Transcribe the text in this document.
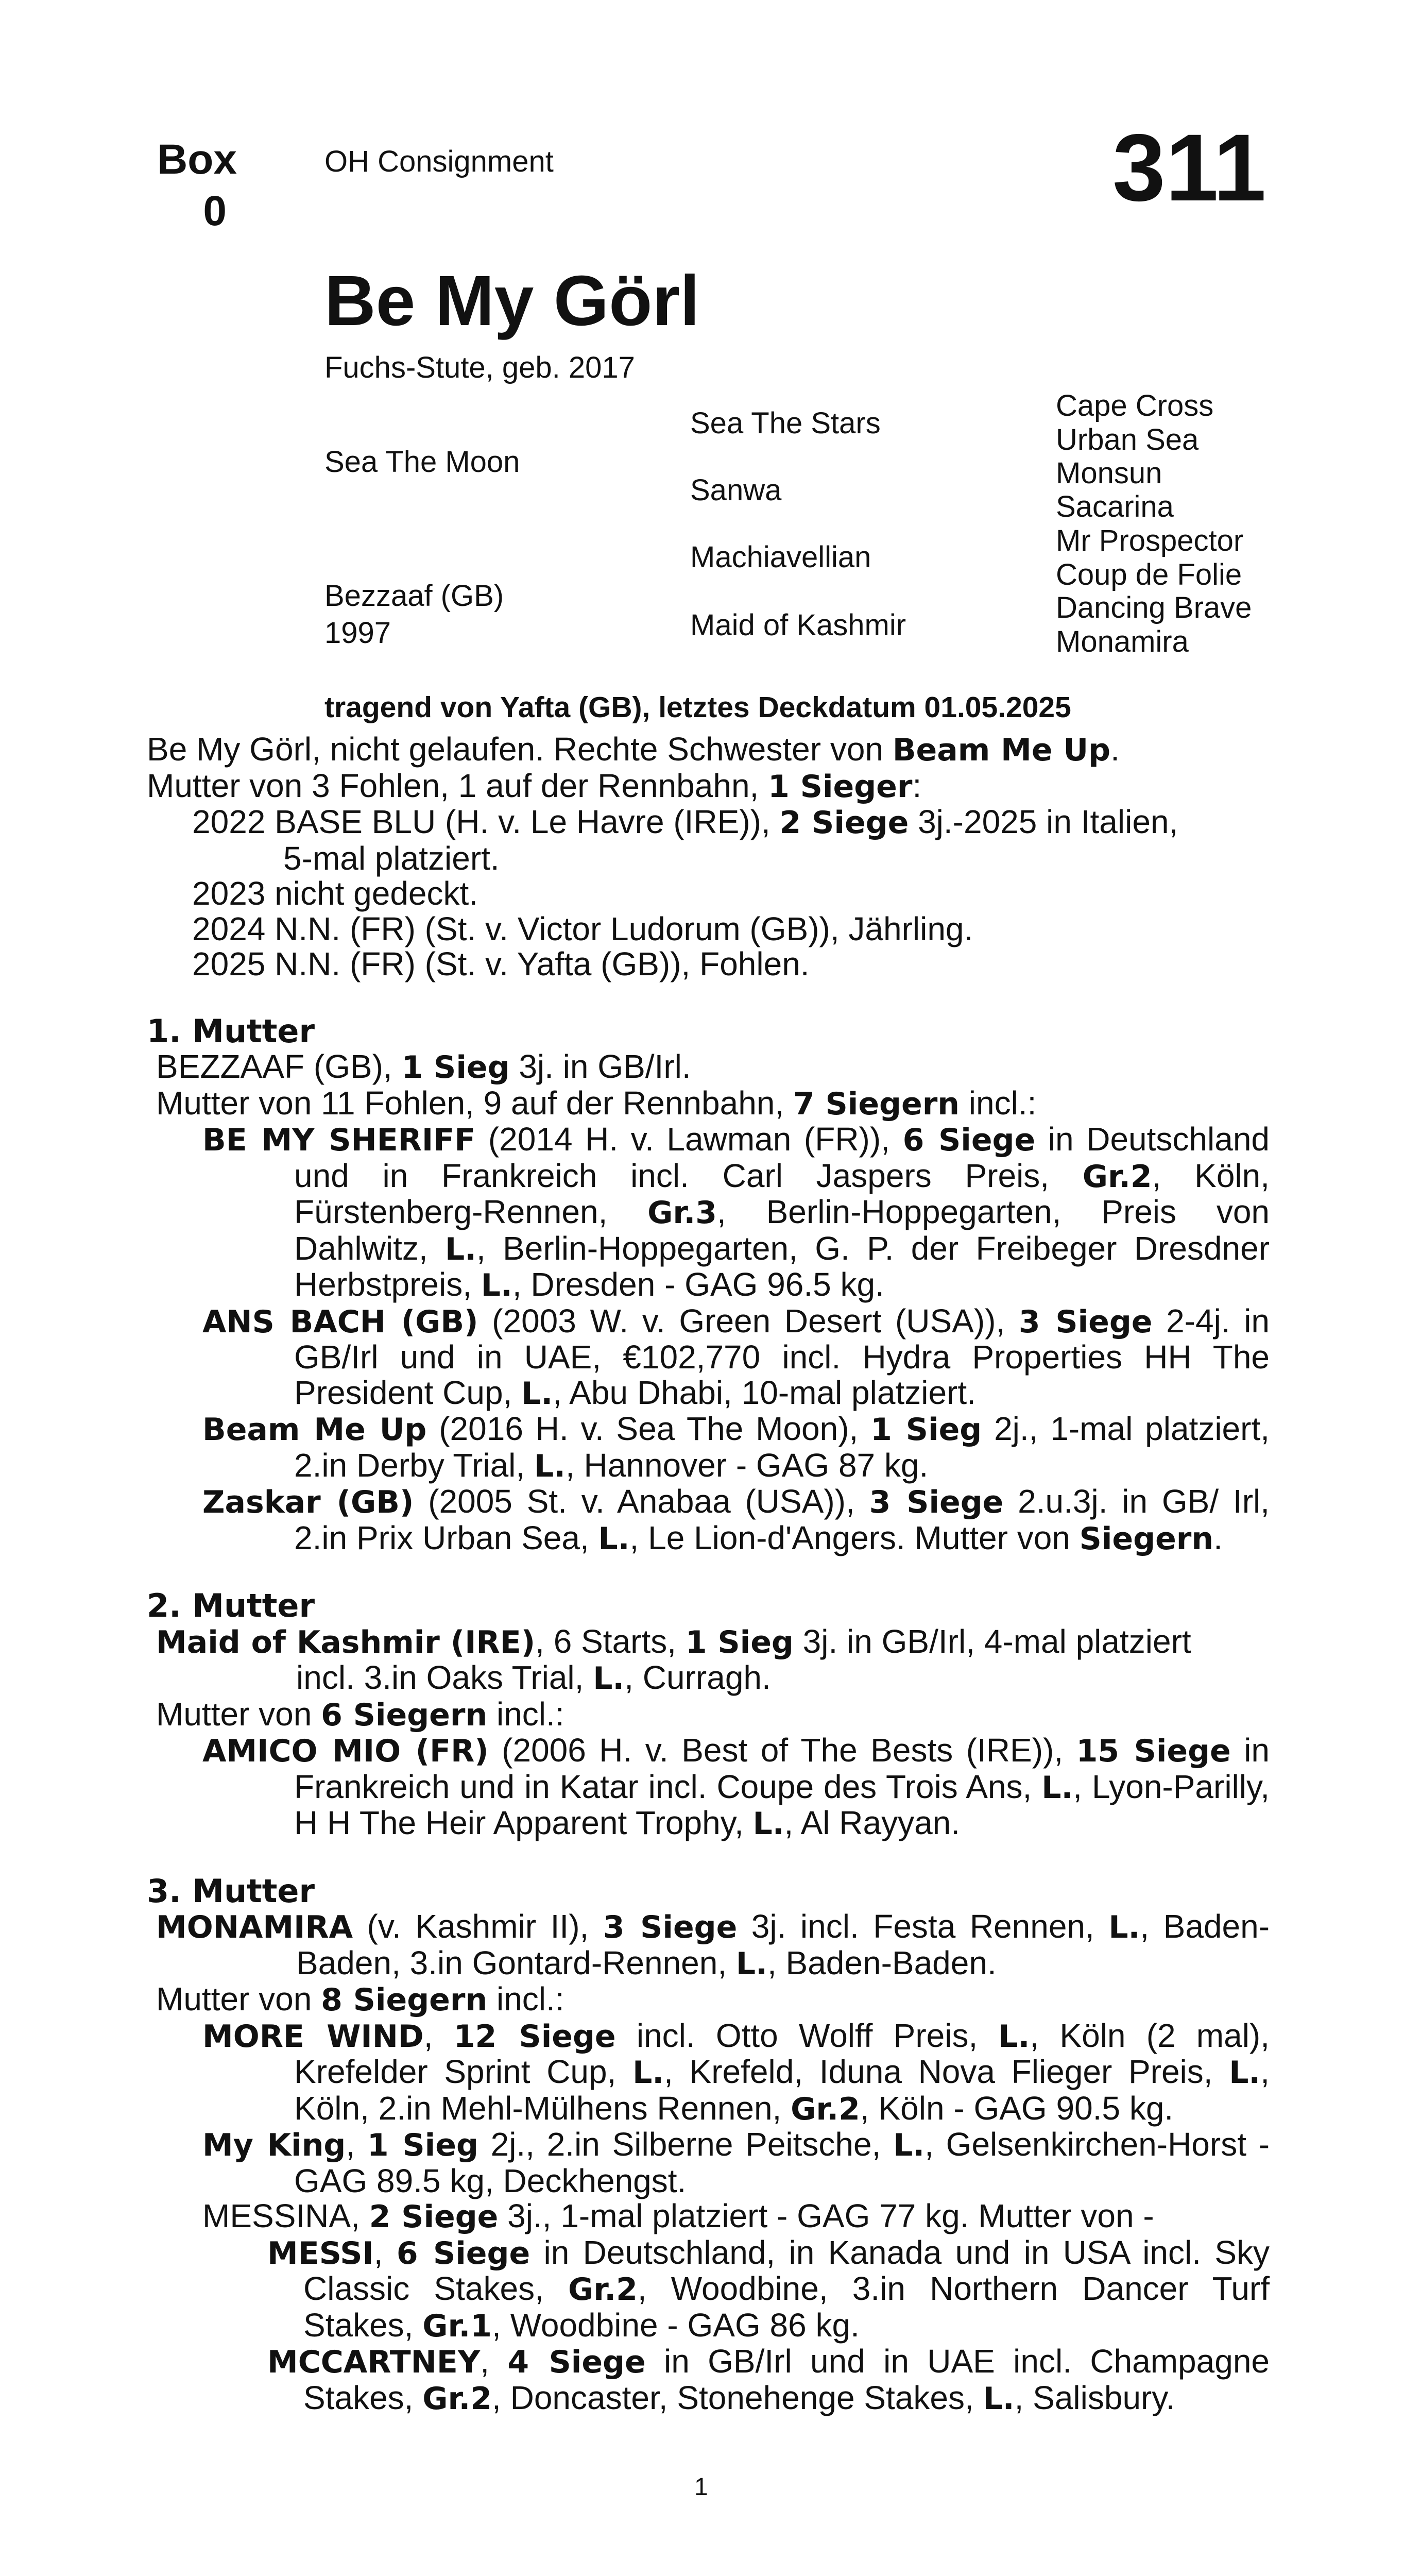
Box
0
OH Consignment	311
Be My Görl
Fuchs-Stute, geb. 2017
Sea The Moon
Bezzaaf (GB)
1997
Sea The Stars
Sanwa
Machiavellian
Maid of Kashmir
Cape Cross
Urban Sea
Monsun
Sacarina
Mr Prospector
Coup de Folie
Dancing Brave
Monamira
tragend von Yafta (GB), letztes Deckdatum 01.05.2025
Be My Görl, nicht gelaufen. Rechte Schwester von Beam Me Up.
Mutter von 3 Fohlen, 1 auf der Rennbahn, 1 Sieger:
2022 BASE BLU (H. v. Le Havre (IRE)), 2 Siege 3j.-2025 in Italien,
5-mal platziert.
2023 nicht gedeckt.
2024 N.N. (FR) (St. v. Victor Ludorum (GB)), Jährling.
2025 N.N. (FR) (St. v. Yafta (GB)), Fohlen.
1. Mutter
BEZZAAF (GB), 1 Sieg 3j. in GB/Irl.
Mutter von 11 Fohlen, 9 auf der Rennbahn, 7 Siegern incl.:
BE MY SHERIFF (2014 H. v. Lawman (FR)), 6 Siege in Deutschland und in Frankreich incl. Carl Jaspers Preis, Gr.2, Köln, Fürstenberg-Rennen, Gr.3, Berlin-Hoppegarten, Preis von Dahlwitz, L., Berlin-Hoppegarten, G. P. der Freibeger Dresdner Herbstpreis, L., Dresden - GAG 96.5 kg.
ANS BACH (GB) (2003 W. v. Green Desert (USA)), 3 Siege 2-4j. in GB/Irl und in UAE, €102,770 incl. Hydra Properties HH The President Cup, L., Abu Dhabi, 10-mal platziert.
Beam Me Up (2016 H. v. Sea The Moon), 1 Sieg 2j., 1-mal platziert, 2.in Derby Trial, L., Hannover - GAG 87 kg.
Zaskar (GB) (2005 St. v. Anabaa (USA)), 3 Siege 2.u.3j. in GB/ Irl, 2.in Prix Urban Sea, L., Le Lion-d'Angers. Mutter von Siegern.
2. Mutter
Maid of Kashmir (IRE), 6 Starts, 1 Sieg 3j. in GB/Irl, 4-mal platziert
incl. 3.in Oaks Trial, L., Curragh.
Mutter von 6 Siegern incl.:
AMICO MIO (FR) (2006 H. v. Best of The Bests (IRE)), 15 Siege in Frankreich und in Katar incl. Coupe des Trois Ans, L., Lyon-Parilly, H H The Heir Apparent Trophy, L., Al Rayyan.
3. Mutter
MONAMIRA (v. Kashmir II), 3 Siege 3j. incl. Festa Rennen, L., Baden-Baden, 3.in Gontard-Rennen, L., Baden-Baden.
Mutter von 8 Siegern incl.:
MORE WIND, 12 Siege incl. Otto Wolff Preis, L., Köln (2 mal), Krefelder Sprint Cup, L., Krefeld, Iduna Nova Flieger Preis, L., Köln, 2.in Mehl-Mülhens Rennen, Gr.2, Köln - GAG 90.5 kg.
My King, 1 Sieg 2j., 2.in Silberne Peitsche, L., Gelsenkirchen-Horst - GAG 89.5 kg, Deckhengst.
MESSINA, 2 Siege 3j., 1-mal platziert - GAG 77 kg. Mutter von -
MESSI, 6 Siege in Deutschland, in Kanada und in USA incl. Sky Classic Stakes, Gr.2, Woodbine, 3.in Northern Dancer Turf Stakes, Gr.1, Woodbine - GAG 86 kg.
MCCARTNEY, 4 Siege in GB/Irl und in UAE incl. Champagne Stakes, Gr.2, Doncaster, Stonehenge Stakes, L., Salisbury.
1
